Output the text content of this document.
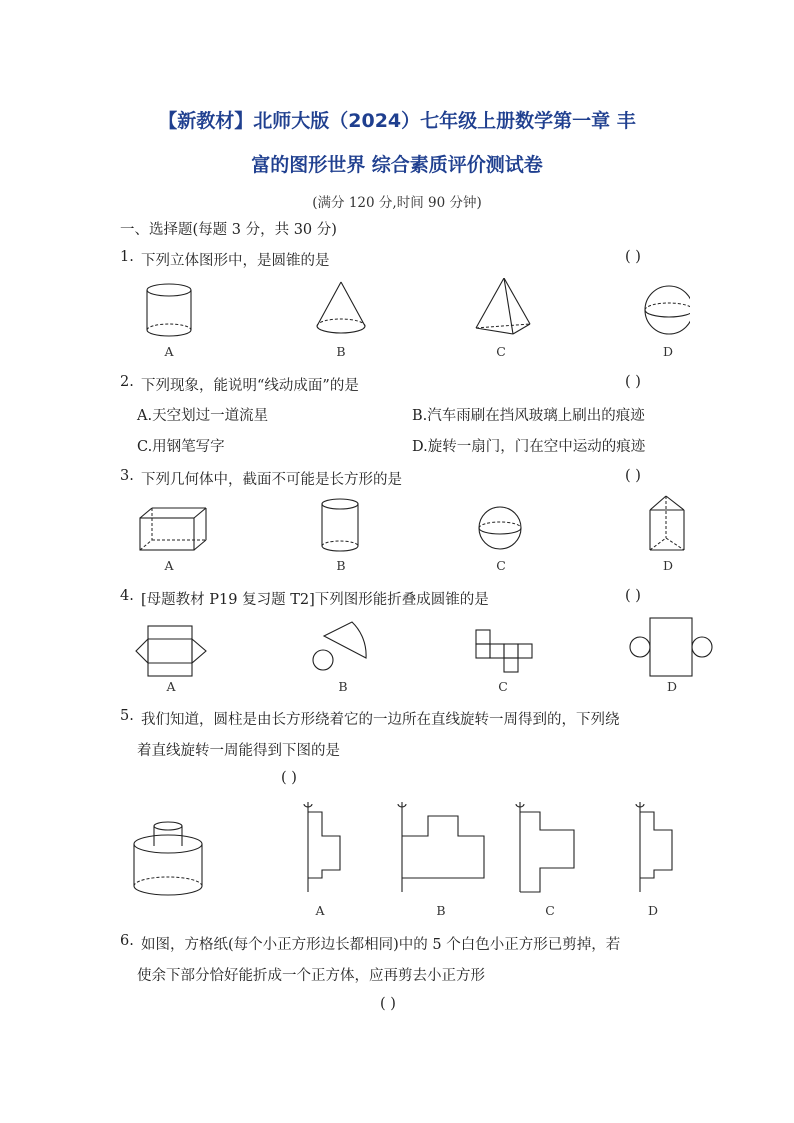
【新教材】北师大版（2024）七年级上册数学第一章 丰
富的图形世界 综合素质评价测试卷
(满分 120 分,时间 90 分钟)
一、选择题(每题 3 分，共 30 分)
1. 下列立体图形中，是圆锥的是	( )
A	B	C	D
2. 下列现象，能说明“线动成面”的是	( )
A.天空划过一道流星	B.汽车雨刷在挡风玻璃上刷出的痕迹
C.用钢笔写字	D.旋转一扇门，门在空中运动的痕迹
3. 下列几何体中，截面不可能是长方形的是	( )
A	B	C	D
4. [母题教材 P19 复习题 T2]下列图形能折叠成圆锥的是	( )
A	B	C	D
5. 我们知道，圆柱是由长方形绕着它的一边所在直线旋转一周得到的，下列绕
着直线旋转一周能得到下图的是
( )
A	B	C	D
6. 如图，方格纸(每个小正方形边长都相同)中的 5 个白色小正方形已剪掉，若
使余下部分恰好能折成一个正方体，应再剪去小正方形
( )
